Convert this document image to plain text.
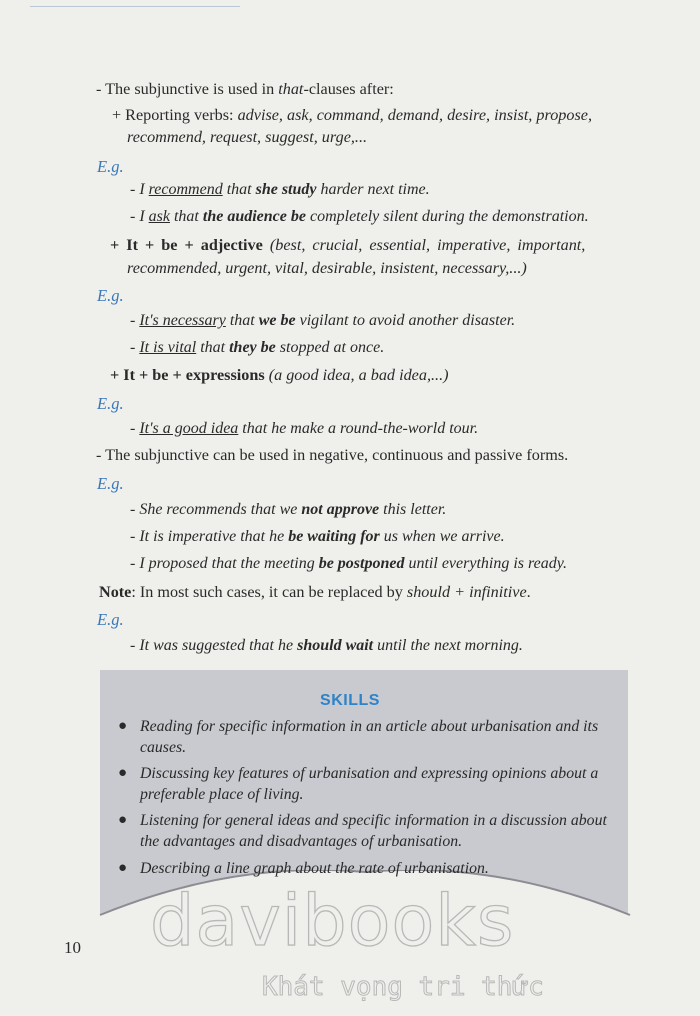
- The subjunctive is used in that-clauses after:
+ Reporting verbs: advise, ask, command, demand, desire, insist, propose,
recommend, request, suggest, urge,...
E.g.
- I recommend that she study harder next time.
- I ask that the audience be completely silent during the demonstration.
+ It + be + adjective (best, crucial, essential, imperative, important,
recommended, urgent, vital, desirable, insistent, necessary,...)
E.g.
- It's necessary that we be vigilant to avoid another disaster.
- It is vital that they be stopped at once.
+ It + be + expressions (a good idea, a bad idea,...)
E.g.
- It's a good idea that he make a round-the-world tour.
- The subjunctive can be used in negative, continuous and passive forms.
E.g.
- She recommends that we not approve this letter.
- It is imperative that he be waiting for us when we arrive.
- I proposed that the meeting be postponed until everything is ready.
Note: In most such cases, it can be replaced by should + infinitive.
E.g.
- It was suggested that he should wait until the next morning.
SKILLS
● Reading for specific information in an article about urbanisation and its causes.
● Discussing key features of urbanisation and expressing opinions about a preferable place of living.
● Listening for general ideas and specific information in a discussion about the advantages and disadvantages of urbanisation.
● Describing a line graph about the rate of urbanisation.
10 davibooks
Khát vọng tri thức
